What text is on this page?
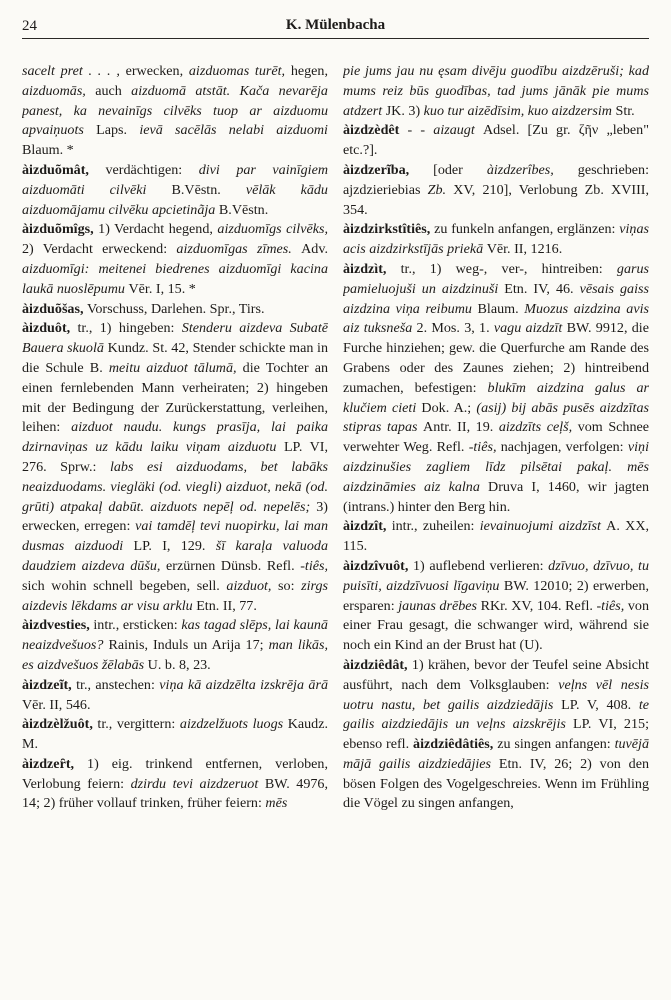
24	K. Mülenbacha

sacelt pret . . . , erwecken, aizduomas turēt, hegen, aizduomās, auch aizduomā atstāt. Kača nevarēja panest, ka nevainīgs cilvēks tuop ar aizduomu apvaiņuots Laps. ievā sacēlās nelabi aizduomi Blaum. *

àizduõmât, verdächtigen: divi par vainīgiem aizduomāti cilvēki B.Vēstn. vēlāk kādu aizduomājamu cilvēku apcietinãja B.Vēstn.

àizduõmîgs, 1) Verdacht hegend, aizduomīgs cilvēks, 2) Verdacht erweckend: aizduomīgas zīmes. Adv. aizduomīgi: meitenei biedrenes aizduomīgi kacina laukā nuoslēpumu Vēr. I, 15. *

àizduõšas, Vorschuss, Darlehen. Spr., Tirs.

àizduôt, tr., 1) hingeben: Stenderu aizdeva Subatē Bauera skuolā Kundz. St. 42, Stender schickte man in die Schule B. meitu aizduot tālumā, die Tochter an einen fernlebenden Mann verheiraten; 2) hingeben mit der Bedingung der Zurückerstattung, verleihen, leihen: aizduot naudu. kungs prasīja, lai paika dzirnaviņas uz kādu laiku viņam aizduotu LP. VI, 276. Sprw.: labs esi aizduodams, bet labāks neaizduodams. viegläki (od. viegli) aizduot, nekā (od. grūti) atpakaļ dabūt. aizduots nepēļ od. nepelēs; 3) erwecken, erregen: vai tamdēļ tevi nuopirku, lai man dusmas aizduodi LP. I, 129. šī karaļa valuoda daudziem aizdeva dūšu, erzürnen Dünsb. Refl. -tiês, sich wohin schnell begeben, sell. aizduot, so: zirgs aizdevis lēkdams ar visu arklu Etn. II, 77.

àizdvesties, intr., ersticken: kas tagad slēps, lai kaunā neaizdvešuos? Rainis, Induls un Arija 17; man likās, es aizdvešuos žēlabās U. b. 8, 23.

àizdzeĩt, tr., anstechen: viņa kā aizdzēlta izskrēja ārā Vēr. II, 546.

àizdzèlžuôt, tr., vergittern: aizdzelžuots luogs Kaudz. M.

àizdzeȓt, 1) eig. trinkend entfernen, verloben, Verlobung feiern: dzirdu tevi aizdzeruot BW. 4976, 14; 2) früher vollauf trinken, früher feiern: mēs

pie jums jau nu ęsam divēju guodību aizdzēruši; kad mums reiz būs guodības, tad jums jānāk pie mums atdzert JK. 3) kuo tur aizēdīsim, kuo aizdzersim Str.

àizdzèdêt - - aizaugt Adsel. [Zu gr. ζῆν „leben" etc.?].

àizdzerĩba, [oder àizdzerîbes, geschrieben: ajzdzieriebias Zb. XV, 210], Verlobung Zb. XVIII, 354.

àizdzirkstîtiês, zu funkeln anfangen, erglänzen: viņas acis aizdzirkstījās priekā Vēr. II, 1216.

àizdzìt, tr., 1) weg-, ver-, hintreiben: garus pamieluojuši un aizdzinuši Etn. IV, 46. vēsais gaiss aizdzina viņa reibumu Blaum. Muozus aizdzina avis aiz tuksneša 2. Mos. 3, 1. vagu aizdzīt BW. 9912, die Furche hinziehen; gew. die Querfurche am Rande des Grabens oder des Zaunes ziehen; 2) hintreibend zumachen, befestigen: blukīm aizdzina galus ar klučiem cieti Dok. A.; (asij) bij abās pusēs aizdzītas stipras tapas Antr. II, 19. aizdzīts ceļš, vom Schnee verwehter Weg. Refl. -tiês, nachjagen, verfolgen: viņi aizdzinušies zagliem līdz pilsētai pakaļ. mēs aizdzināmies aiz kalna Druva I, 1460, wir jagten (intrans.) hinter den Berg hin.

àizdzît, intr., zuheilen: ievainuojumi aizdzīst A. XX, 115.

àizdzîvuôt, 1) auflebend verlieren: dzīvuo, dzīvuo, tu puisīti, aizdzīvuosi līgaviņu BW. 12010; 2) erwerben, ersparen: jaunas drēbes RKr. XV, 104. Refl. -tiês, von einer Frau gesagt, die schwanger wird, während sie noch ein Kind an der Brust hat (U).

àizdziêdât, 1) krähen, bevor der Teufel seine Absicht ausführt, nach dem Volksglauben: veļns vēl nesis uotru nastu, bet gailis aizdziedājis LP. V, 408. te gailis aizdziedājis un veļns aizskrējis LP. VI, 215; ebenso refl. àizdziêdâtiês, zu singen anfangen: tuvējā mājā gailis aizdziedājies Etn. IV, 26; 2) von den bösen Folgen des Vogelgeschreies. Wenn im Frühling die Vögel zu singen anfangen,
